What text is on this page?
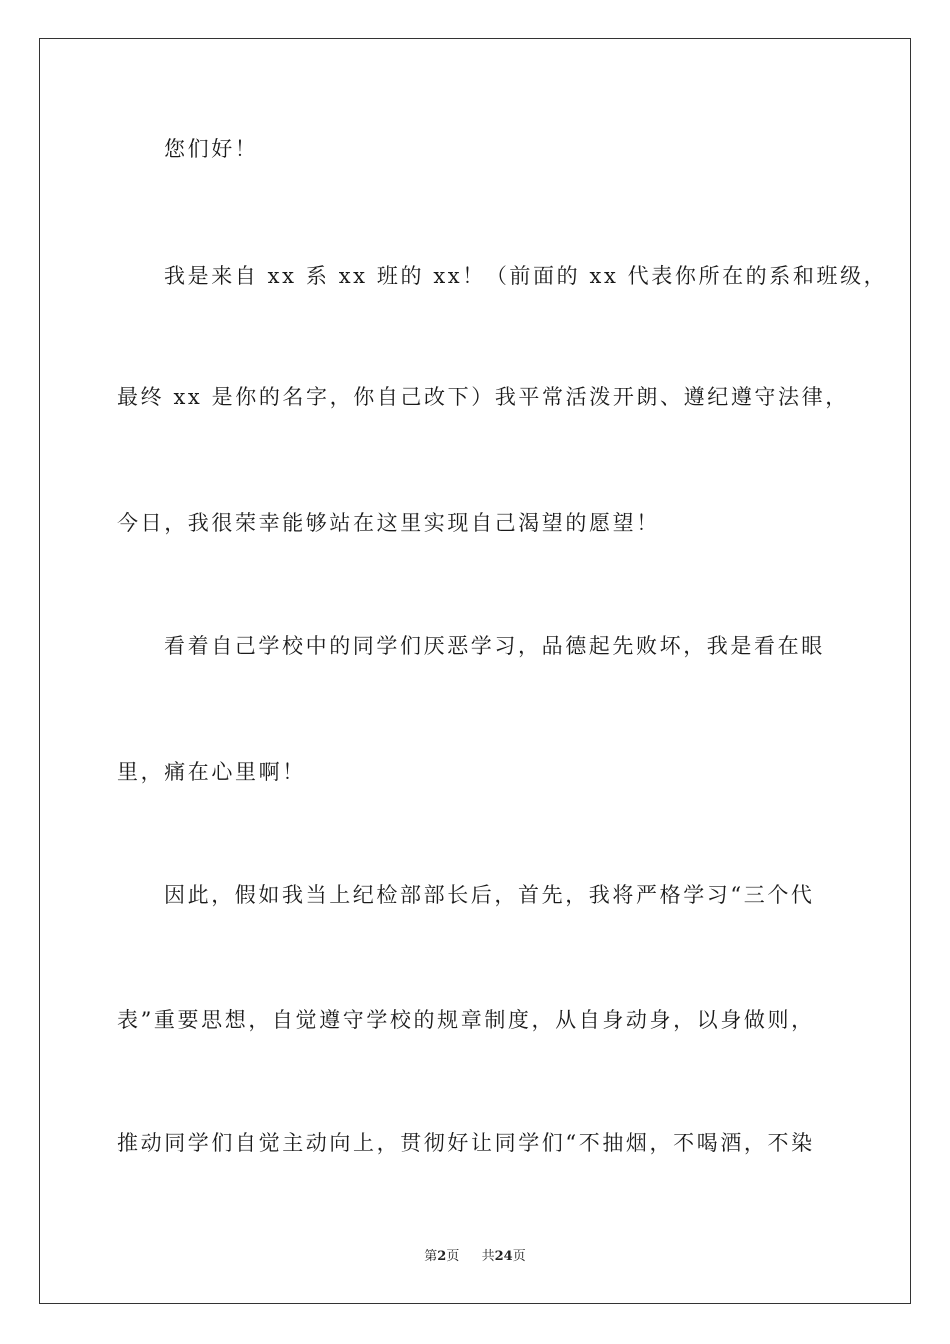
您们好！
我是来自 xx 系 xx 班的 xx！（前面的 xx 代表你所在的系和班级，
最终 xx 是你的名字，你自己改下）我平常活泼开朗、遵纪遵守法律，
今日，我很荣幸能够站在这里实现自己渴望的愿望！
看着自己学校中的同学们厌恶学习，品德起先败坏，我是看在眼
里，痛在心里啊！
因此，假如我当上纪检部部长后，首先，我将严格学习“三个代
表”重要思想，自觉遵守学校的规章制度，从自身动身，以身做则，
推动同学们自觉主动向上，贯彻好让同学们“不抽烟，不喝酒，不染
第2页 共24页
